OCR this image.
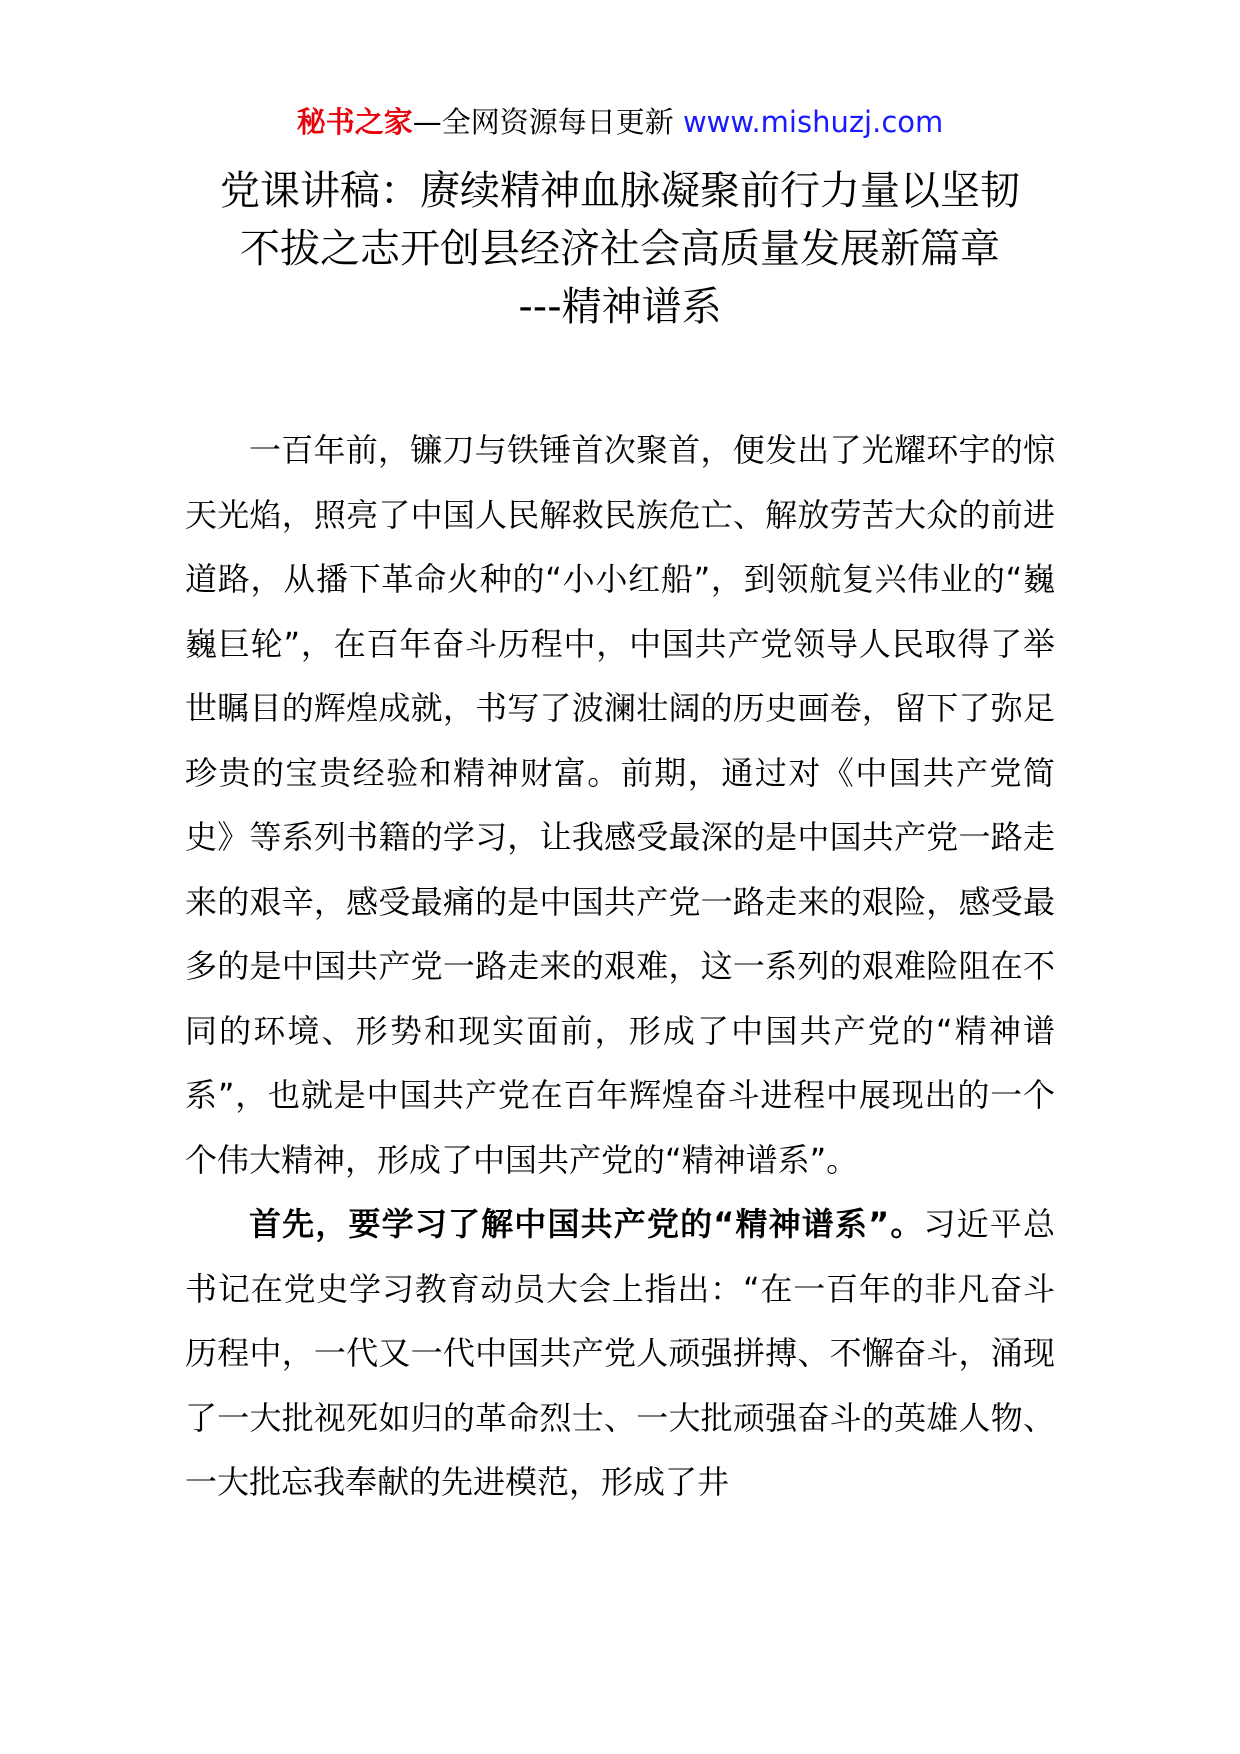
秘书之家—全网资源每日更新 www.mishuzj.com
党课讲稿：赓续精神血脉凝聚前行力量以坚韧
不拔之志开创县经济社会高质量发展新篇章
---精神谱系

一百年前，镰刀与铁锤首次聚首，便发出了光耀环宇的惊天光焰，照亮了中国人民解救民族危亡、解放劳苦大众的前进道路，从播下革命火种的“小小红船”，到领航复兴伟业的“巍巍巨轮”，在百年奋斗历程中，中国共产党领导人民取得了举世瞩目的辉煌成就，书写了波澜壮阔的历史画卷，留下了弥足珍贵的宝贵经验和精神财富。前期，通过对《中国共产党简史》等系列书籍的学习，让我感受最深的是中国共产党一路走来的艰辛，感受最痛的是中国共产党一路走来的艰险，感受最多的是中国共产党一路走来的艰难，这一系列的艰难险阻在不同的环境、形势和现实面前，形成了中国共产党的“精神谱系”，也就是中国共产党在百年辉煌奋斗进程中展现出的一个个伟大精神，形成了中国共产党的“精神谱系”。

首先，要学习了解中国共产党的“精神谱系”。习近平总书记在党史学习教育动员大会上指出：“在一百年的非凡奋斗历程中，一代又一代中国共产党人顽强拼搏、不懈奋斗，涌现了一大批视死如归的革命烈士、一大批顽强奋斗的英雄人物、一大批忘我奉献的先进模范，形成了井
